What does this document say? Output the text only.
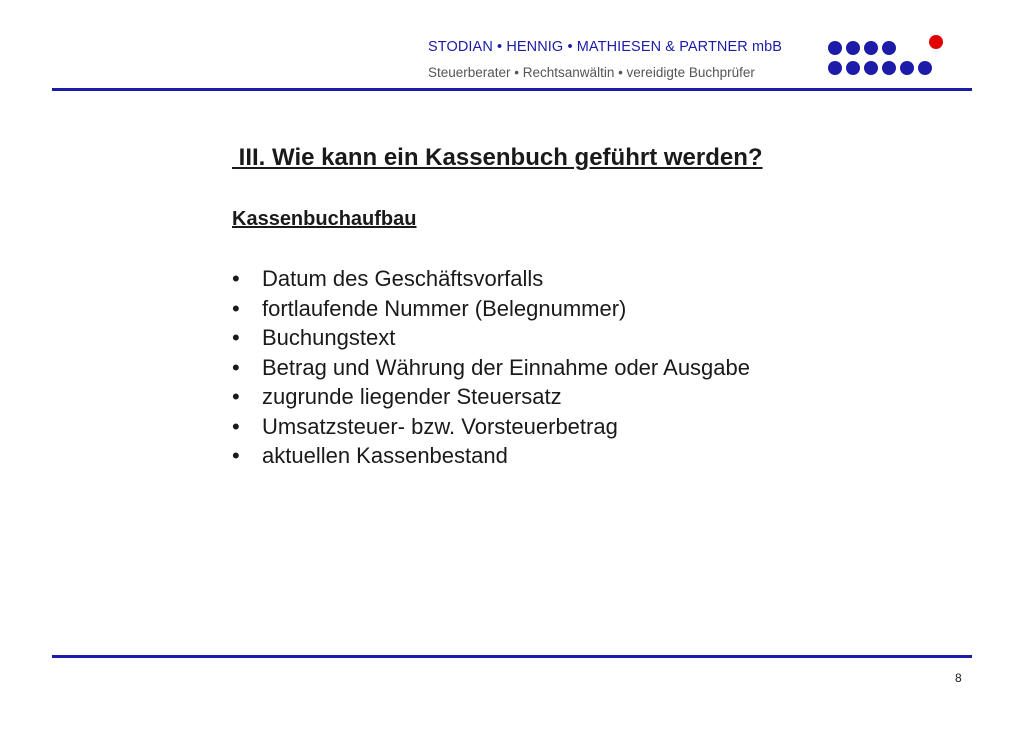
STODIAN • HENNIG • MATHIESEN & PARTNER mbB
Steuerberater • Rechtsanwältin • vereidigte Buchprüfer
III. Wie kann ein Kassenbuch geführt werden?
Kassenbuchaufbau
•	Datum des Geschäftsvorfalls
•	fortlaufende Nummer (Belegnummer)
•	Buchungstext
•	Betrag und Währung der Einnahme oder Ausgabe
•	zugrunde liegender Steuersatz
•	Umsatzsteuer- bzw. Vorsteuerbetrag
•	aktuellen Kassenbestand
8
